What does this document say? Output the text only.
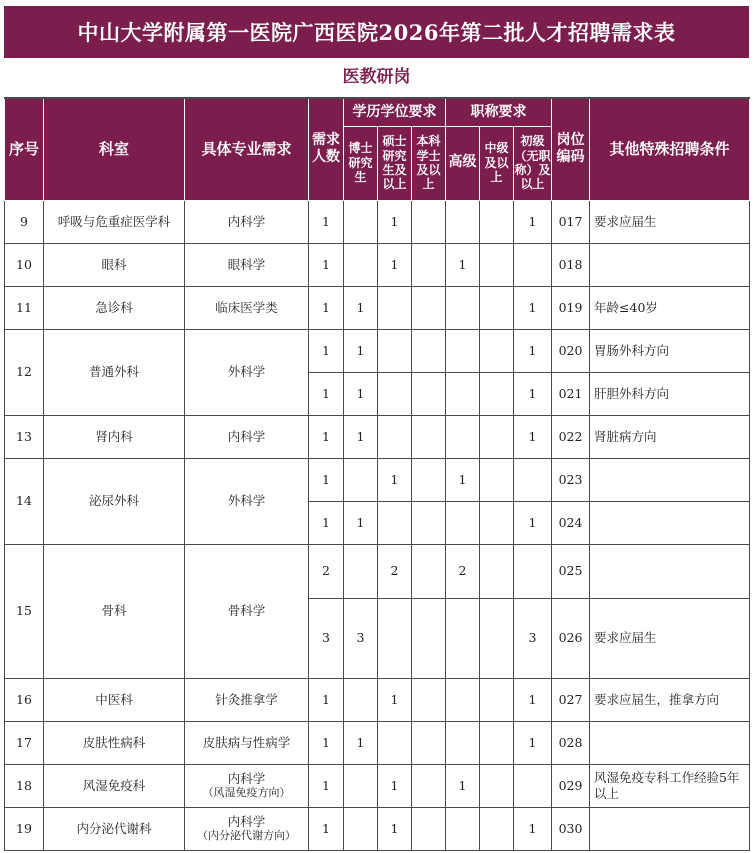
中山大学附属第一医院广西医院2026年第二批人才招聘需求表
医教研岗
序号	科室	具体专业需求	需求人数	学历学位要求			职称要求			岗位编码	其他特殊招聘条件
				博士研究生	硕士研究生及以上	本科学士及以上	高级	中级及以上	初级（无职称）及以上		
9	呼吸与危重症医学科	内科学	1		1				1	017	要求应届生
10	眼科	眼科学	1		1		1			018	
11	急诊科	临床医学类	1	1					1	019	年龄≤40岁
12	普通外科	外科学	1	1					1	020	胃肠外科方向
			1	1					1	021	肝胆外科方向
13	肾内科	内科学	1	1					1	022	肾脏病方向
14	泌尿外科	外科学	1		1		1			023	
			1	1					1	024	
15	骨科	骨科学	2		2		2			025	
			3	3					3	026	要求应届生
16	中医科	针灸推拿学	1		1				1	027	要求应届生，推拿方向
17	皮肤性病科	皮肤病与性病学	1	1					1	028	
18	风湿免疫科	内科学
（风湿免疫方向）	1		1		1			029	风湿免疫专科工作经验5年以上
19	内分泌代谢科	内科学
（内分泌代谢方向）	1		1				1	030	
